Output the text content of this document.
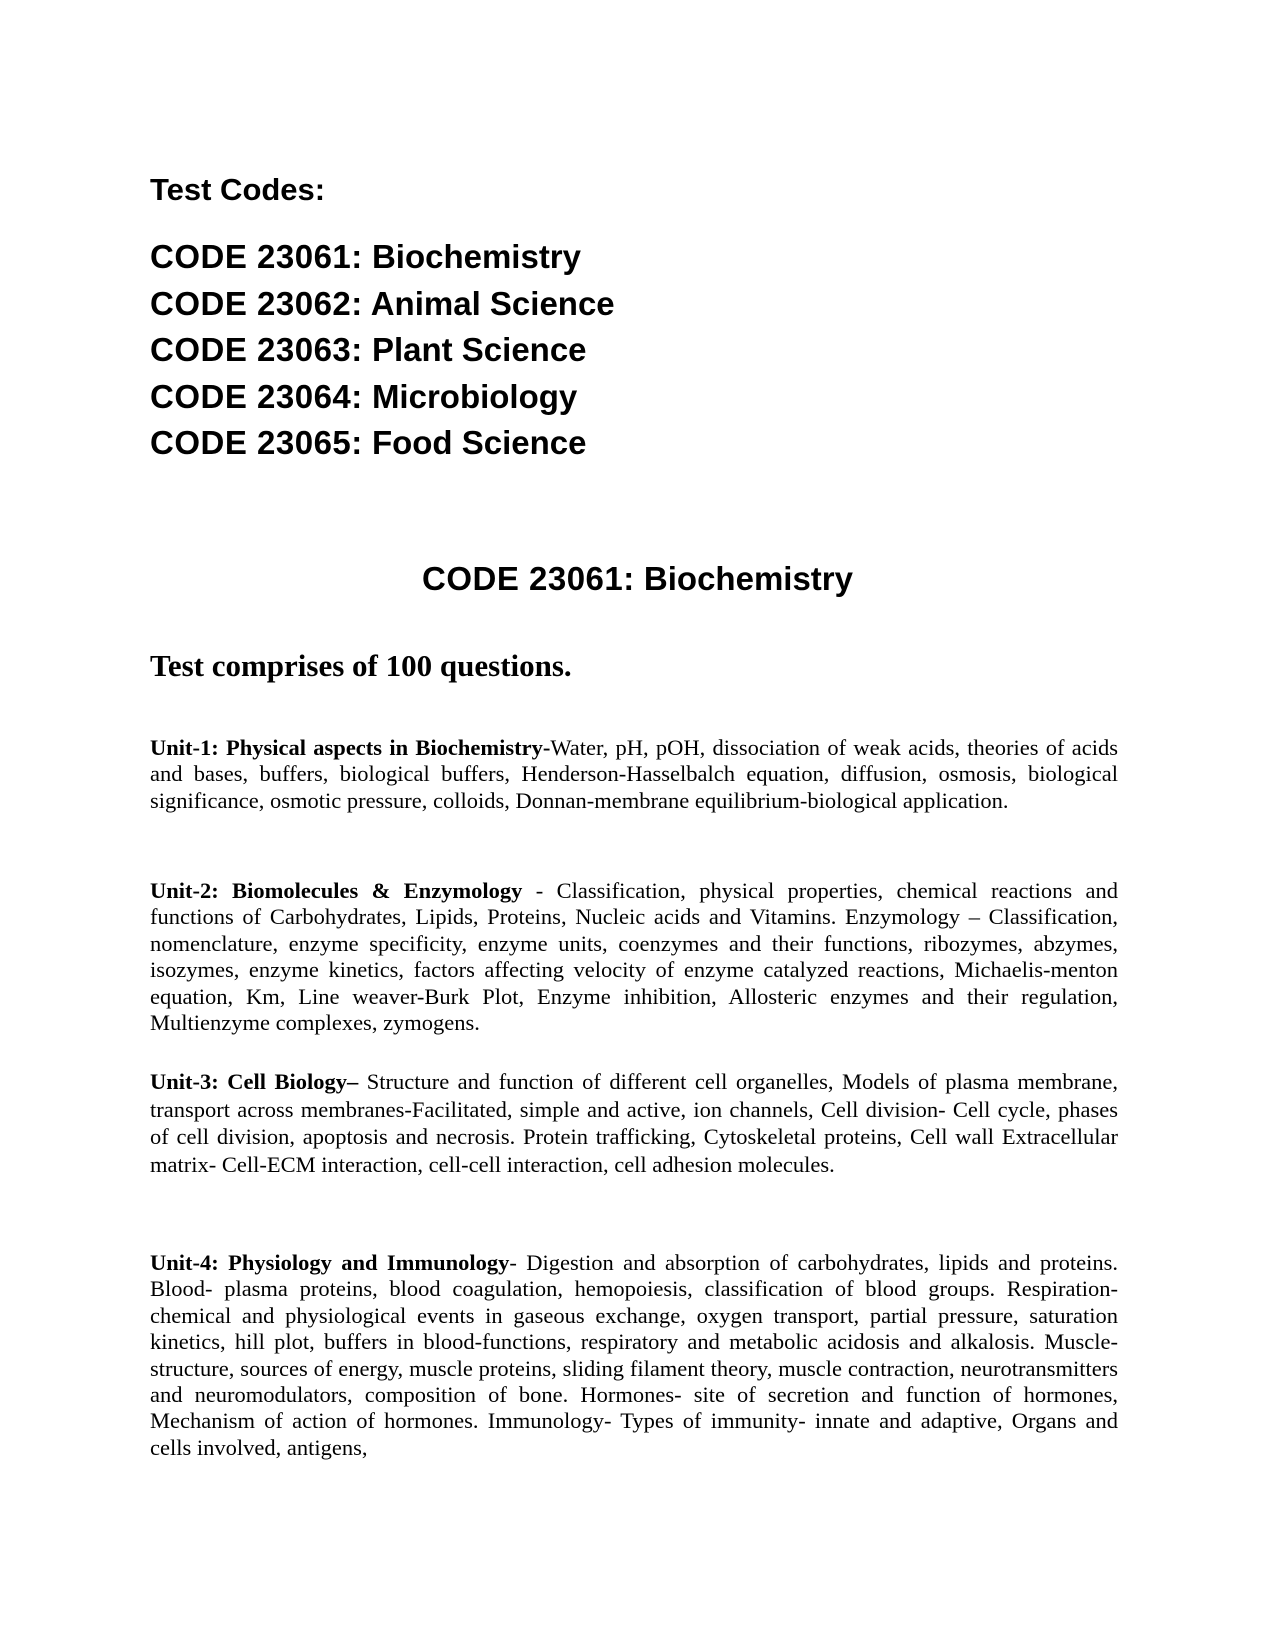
Test Codes:
CODE 23061: Biochemistry
CODE 23062: Animal Science
CODE 23063: Plant Science
CODE 23064: Microbiology
CODE 23065: Food Science
CODE 23061: Biochemistry
Test comprises of 100 questions.

Unit-1: Physical aspects in Biochemistry-Water, pH, pOH, dissociation of weak acids, theories of acids and bases, buffers, biological buffers, Henderson-Hasselbalch equation, diffusion, osmosis, biological significance, osmotic pressure, colloids, Donnan-membrane equilibrium-biological application.

Unit-2: Biomolecules & Enzymology - Classification, physical properties, chemical reactions and functions of Carbohydrates, Lipids, Proteins, Nucleic acids and Vitamins. Enzymology – Classification, nomenclature, enzyme specificity, enzyme units, coenzymes and their functions, ribozymes, abzymes, isozymes, enzyme kinetics, factors affecting velocity of enzyme catalyzed reactions, Michaelis-menton equation, Km, Line weaver-Burk Plot, Enzyme inhibition, Allosteric enzymes and their regulation, Multienzyme complexes, zymogens.

Unit-3: Cell Biology– Structure and function of different cell organelles, Models of plasma membrane, transport across membranes-Facilitated, simple and active, ion channels, Cell division- Cell cycle, phases of cell division, apoptosis and necrosis. Protein trafficking, Cytoskeletal proteins, Cell wall Extracellular matrix- Cell-ECM interaction, cell-cell interaction, cell adhesion molecules.

Unit-4: Physiology and Immunology- Digestion and absorption of carbohydrates, lipids and proteins. Blood- plasma proteins, blood coagulation, hemopoiesis, classification of blood groups. Respiration- chemical and physiological events in gaseous exchange, oxygen transport, partial pressure, saturation kinetics, hill plot, buffers in blood-functions, respiratory and metabolic acidosis and alkalosis. Muscle- structure, sources of energy, muscle proteins, sliding filament theory, muscle contraction, neurotransmitters and neuromodulators, composition of bone. Hormones- site of secretion and function of hormones, Mechanism of action of hormones. Immunology- Types of immunity- innate and adaptive, Organs and cells involved, antigens,
